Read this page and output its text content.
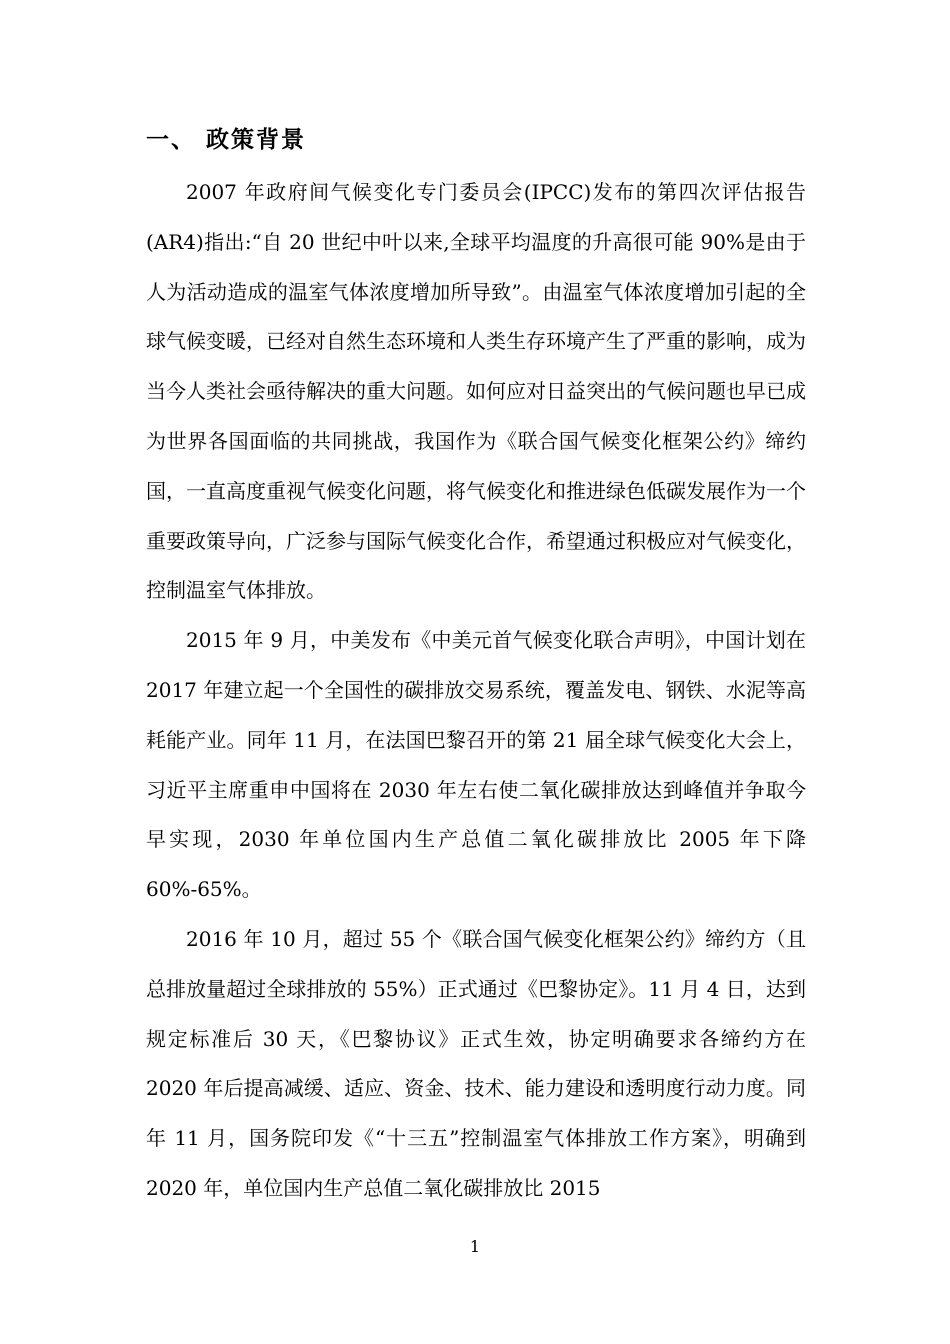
一、 政策背景

2007 年政府间气候变化专门委员会(IPCC)发布的第四次评估报告(AR4)指出:“自 20 世纪中叶以来,全球平均温度的升高很可能 90%是由于人为活动造成的温室气体浓度增加所导致”。由温室气体浓度增加引起的全球气候变暖，已经对自然生态环境和人类生存环境产生了严重的影响，成为当今人类社会亟待解决的重大问题。如何应对日益突出的气候问题也早已成为世界各国面临的共同挑战，我国作为《联合国气候变化框架公约》缔约国，一直高度重视气候变化问题，将气候变化和推进绿色低碳发展作为一个重要政策导向，广泛参与国际气候变化合作，希望通过积极应对气候变化，控制温室气体排放。

2015 年 9 月，中美发布《中美元首气候变化联合声明》，中国计划在 2017 年建立起一个全国性的碳排放交易系统，覆盖发电、钢铁、水泥等高耗能产业。同年 11 月，在法国巴黎召开的第 21 届全球气候变化大会上，习近平主席重申中国将在 2030 年左右使二氧化碳排放达到峰值并争取今早实现，2030 年单位国内生产总值二氧化碳排放比 2005 年下降 60%-65%。

2016 年 10 月，超过 55 个《联合国气候变化框架公约》缔约方（且总排放量超过全球排放的 55%）正式通过《巴黎协定》。11 月 4 日，达到规定标准后 30 天，《巴黎协议》正式生效，协定明确要求各缔约方在 2020 年后提高减缓、适应、资金、技术、能力建设和透明度行动力度。同年 11 月，国务院印发《“十三五”控制温室气体排放工作方案》，明确到 2020 年，单位国内生产总值二氧化碳排放比 2015

1
